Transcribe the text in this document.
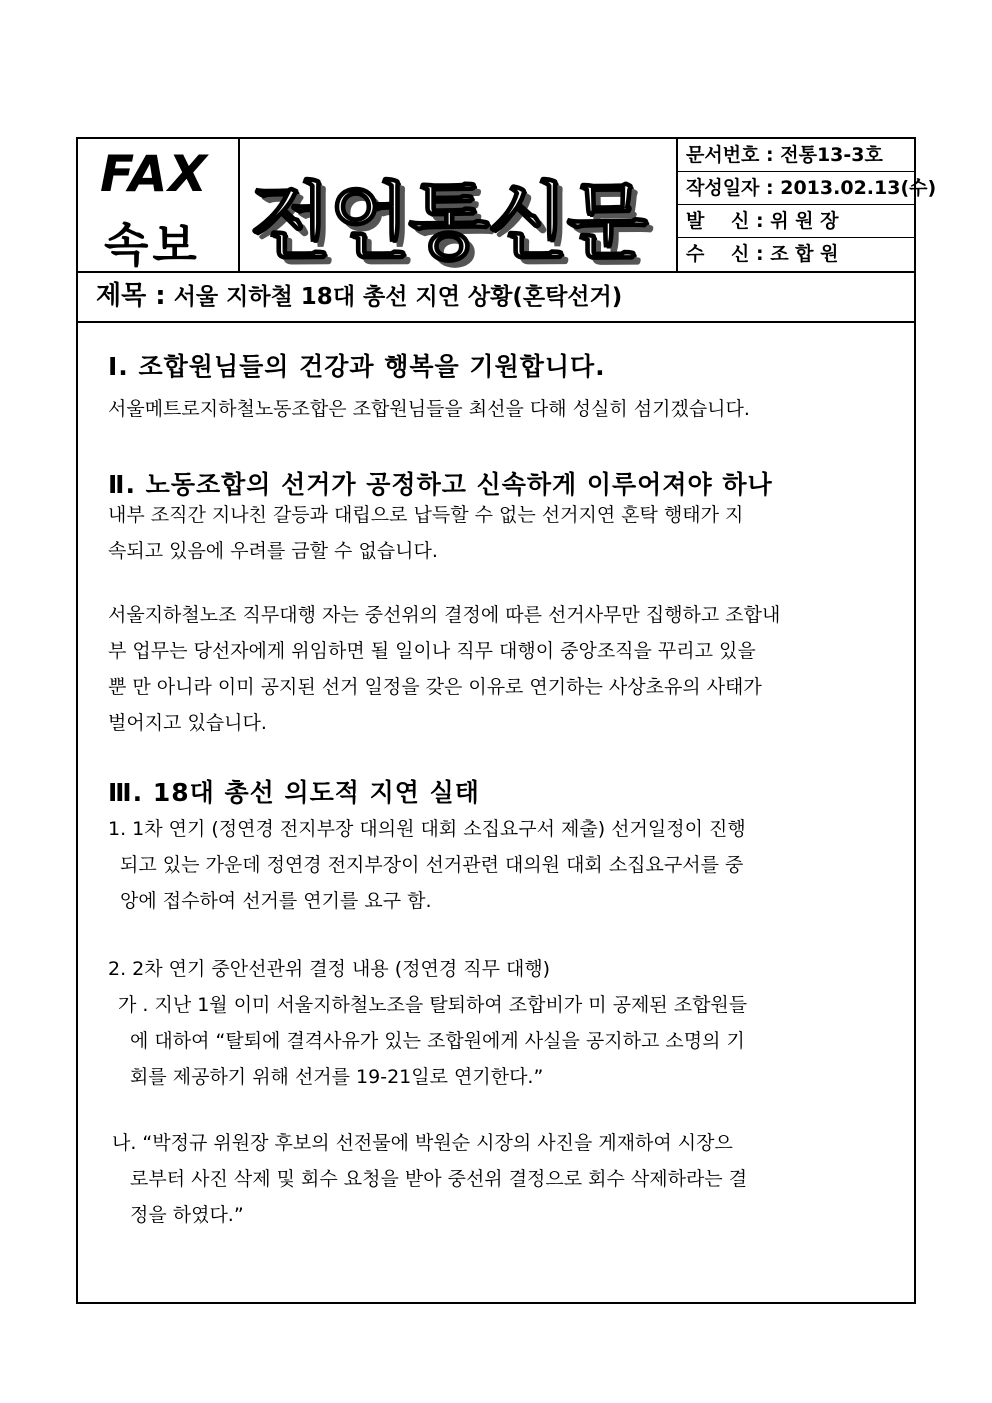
FAX
속보 전언통신문
문서번호 : 전통13-3호
작성일자 : 2013.02.13(수)
발 신: 위 원 장
수 신: 조 합 원
제목 : 서울 지하철 18대 총선 지연 상황(혼탁선거)
Ⅰ. 조합원님들의 건강과 행복을 기원합니다.
서울메트로지하철노동조합은 조합원님들을 최선을 다해 성실히 섬기겠습니다.
Ⅱ. 노동조합의 선거가 공정하고 신속하게 이루어져야 하나
내부 조직간 지나친 갈등과 대립으로 납득할 수 없는 선거지연 혼탁 행태가 지
속되고 있음에 우려를 금할 수 없습니다.
서울지하철노조 직무대행 자는 중선위의 결정에 따른 선거사무만 집행하고 조합내
부 업무는 당선자에게 위임하면 될 일이나 직무 대행이 중앙조직을 꾸리고 있을
뿐 만 아니라 이미 공지된 선거 일정을 갖은 이유로 연기하는 사상초유의 사태가
벌어지고 있습니다.
Ⅲ. 18대 총선 의도적 지연 실태
1. 1차 연기 (정연경 전지부장 대의원 대회 소집요구서 제출) 선거일정이 진행
되고 있는 가운데 정연경 전지부장이 선거관련 대의원 대회 소집요구서를 중
앙에 접수하여 선거를 연기를 요구 함.
2. 2차 연기 중안선관위 결정 내용 (정연경 직무 대행)
가 . 지난 1월 이미 서울지하철노조을 탈퇴하여 조합비가 미 공제된 조합원들
에 대하여 “탈퇴에 결격사유가 있는 조합원에게 사실을 공지하고 소명의 기
회를 제공하기 위해 선거를 19-21일로 연기한다.”
나. “박정규 위원장 후보의 선전물에 박원순 시장의 사진을 게재하여 시장으
로부터 사진 삭제 및 회수 요청을 받아 중선위 결정으로 회수 삭제하라는 결
정을 하였다.”
